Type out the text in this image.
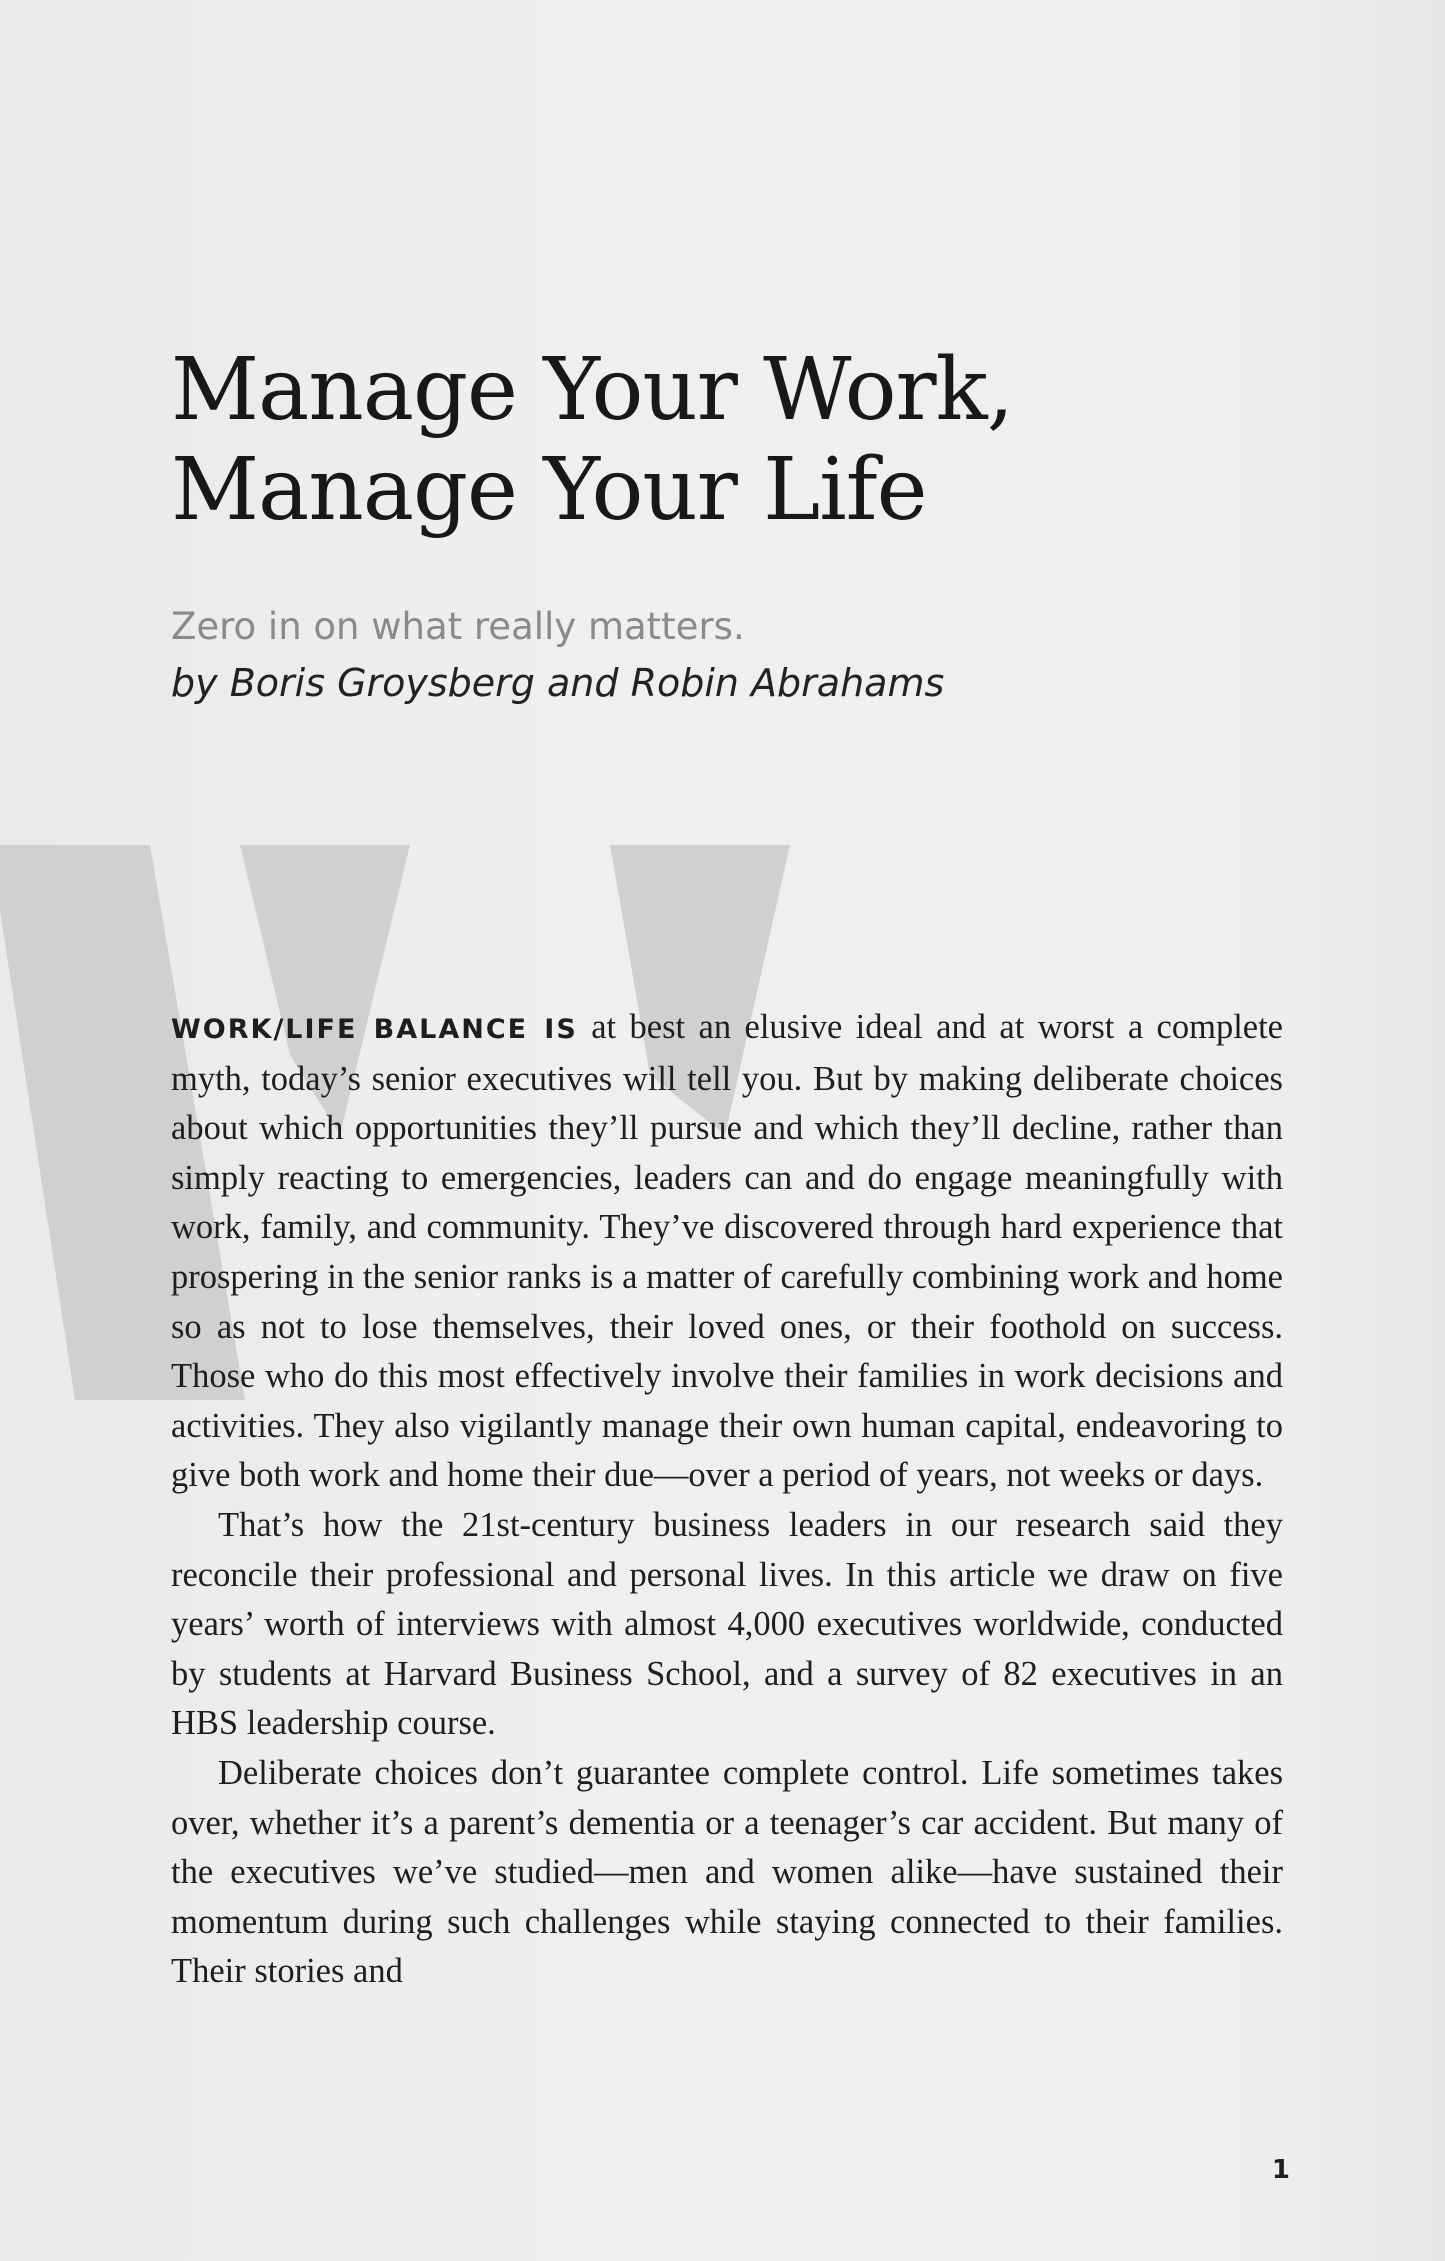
Manage Your Work,
Manage Your Life

Zero in on what really matters.

by Boris Groysberg and Robin Abrahams

WORK/LIFE BALANCE IS at best an elusive ideal and at worst a complete myth, today’s senior executives will tell you. But by making deliberate choices about which opportunities they’ll pursue and which they’ll decline, rather than simply reacting to emergencies, leaders can and do engage meaningfully with work, family, and community. They’ve discovered through hard experience that prospering in the senior ranks is a matter of carefully combining work and home so as not to lose themselves, their loved ones, or their foothold on success. Those who do this most effectively involve their families in work decisions and activities. They also vigilantly manage their own human capital, endeavoring to give both work and home their due—over a period of years, not weeks or days.

That’s how the 21st-century business leaders in our research said they reconcile their professional and personal lives. In this article we draw on five years’ worth of interviews with almost 4,000 executives worldwide, conducted by students at Harvard Business School, and a survey of 82 executives in an HBS leadership course.

Deliberate choices don’t guarantee complete control. Life sometimes takes over, whether it’s a parent’s dementia or a teenager’s car accident. But many of the executives we’ve studied—men and women alike—have sustained their momentum during such challenges while staying connected to their families. Their stories and

1
